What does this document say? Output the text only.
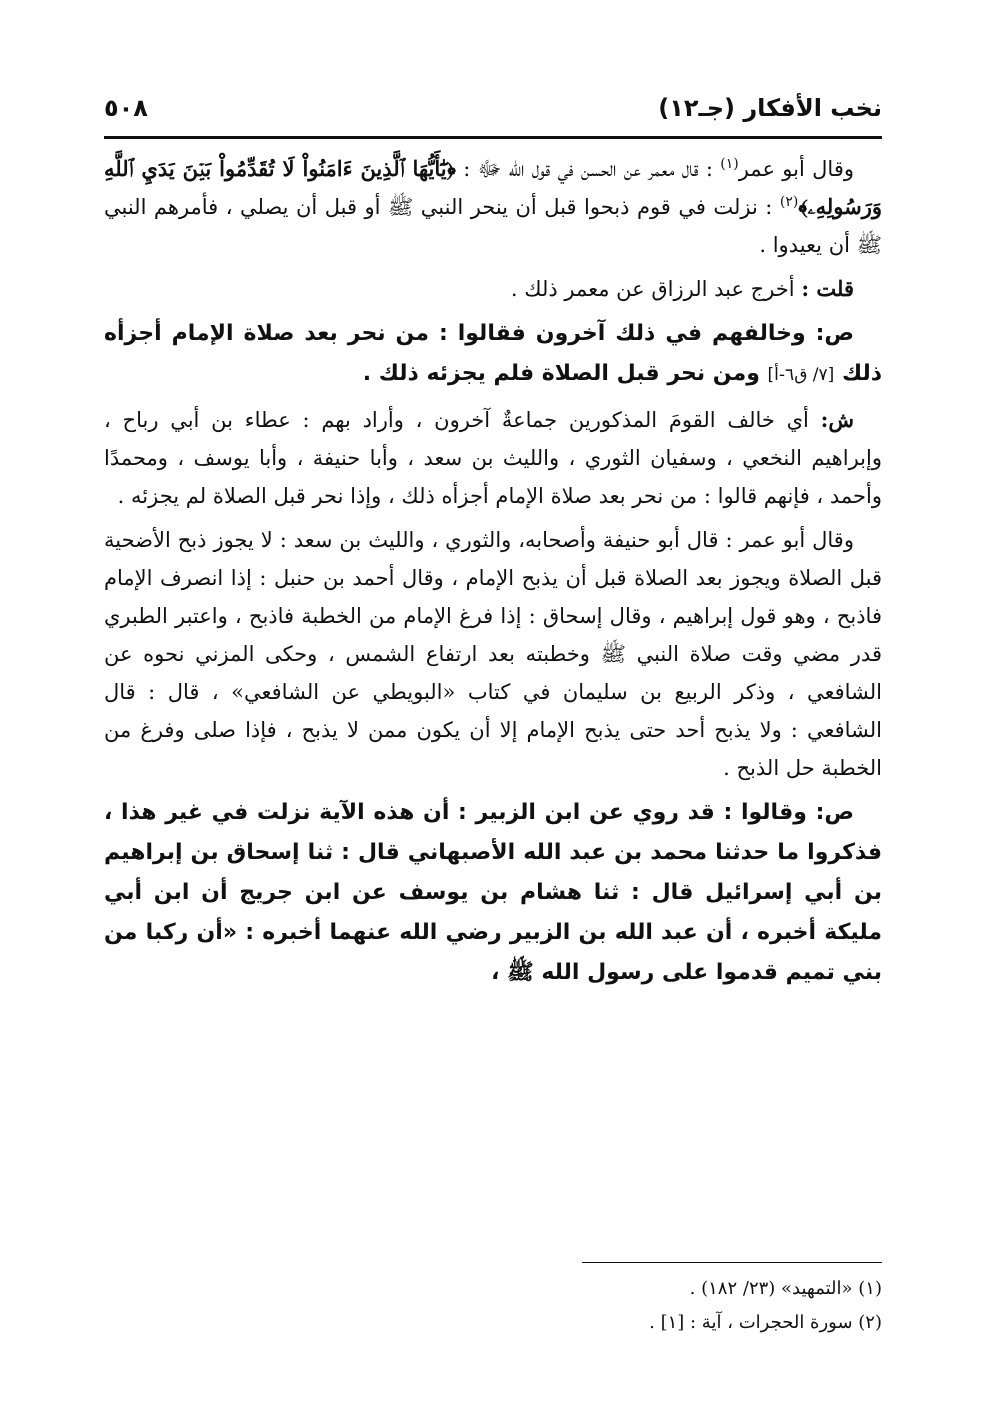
نخب الأفكار (جـ١٢)
٥٠٨

وقال أبو عمر$^{(١)}$ : قال معمر عن الحسن في قول الله ﷻ : ﴿يَٰٓأَيُّهَا ٱلَّذِينَ ءَامَنُواْ لَا تُقَدِّمُواْ بَيۡنَ يَدَيِ ٱللَّهِ وَرَسُولِهِۦ﴾$^{(٢)}$ : نزلت في قوم ذبحوا قبل أن ينحر النبي ﷺ أو قبل أن يصلي ، فأمرهم النبي ﷺ أن يعيدوا .

قلت : أخرج عبد الرزاق عن معمر ذلك .

ص: وخالفهم في ذلك آخرون فقالوا : من نحر بعد صلاة الإمام أجزأه ذلك [٧/ ق٦-أ] ومن نحر قبل الصلاة فلم يجزئه ذلك .

ش: أي خالف القومَ المذكورين جماعةٌ آخرون ، وأراد بهم : عطاء بن أبي رباح ، وإبراهيم النخعي ، وسفيان الثوري ، والليث بن سعد ، وأبا حنيفة ، وأبا يوسف ، ومحمدًا وأحمد ، فإنهم قالوا : من نحر بعد صلاة الإمام أجزأه ذلك ، وإذا نحر قبل الصلاة لم يجزئه .

وقال أبو عمر : قال أبو حنيفة وأصحابه، والثوري ، والليث بن سعد : لا يجوز ذبح الأضحية قبل الصلاة ويجوز بعد الصلاة قبل أن يذبح الإمام ، وقال أحمد بن حنبل : إذا انصرف الإمام فاذبح ، وهو قول إبراهيم ، وقال إسحاق : إذا فرغ الإمام من الخطبة فاذبح ، واعتبر الطبري قدر مضي وقت صلاة النبي ﷺ وخطبته بعد ارتفاع الشمس ، وحكى المزني نحوه عن الشافعي ، وذكر الربيع بن سليمان في كتاب «البويطي عن الشافعي» ، قال : قال الشافعي : ولا يذبح أحد حتى يذبح الإمام إلا أن يكون ممن لا يذبح ، فإذا صلى وفرغ من الخطبة حل الذبح .

ص: وقالوا : قد روي عن ابن الزبير : أن هذه الآية نزلت في غير هذا ، فذكروا ما حدثنا محمد بن عبد الله الأصبهاني قال : ثنا إسحاق بن إبراهيم بن أبي إسرائيل قال : ثنا هشام بن يوسف عن ابن جريج أن ابن أبي مليكة أخبره ، أن عبد الله بن الزبير رضي الله عنهما أخبره : «أن ركبا من بني تميم قدموا على رسول الله ﷺ ،

(١) «التمهيد» (٢٣/ ١٨٢) .

(٢) سورة الحجرات ، آية : [١] .
